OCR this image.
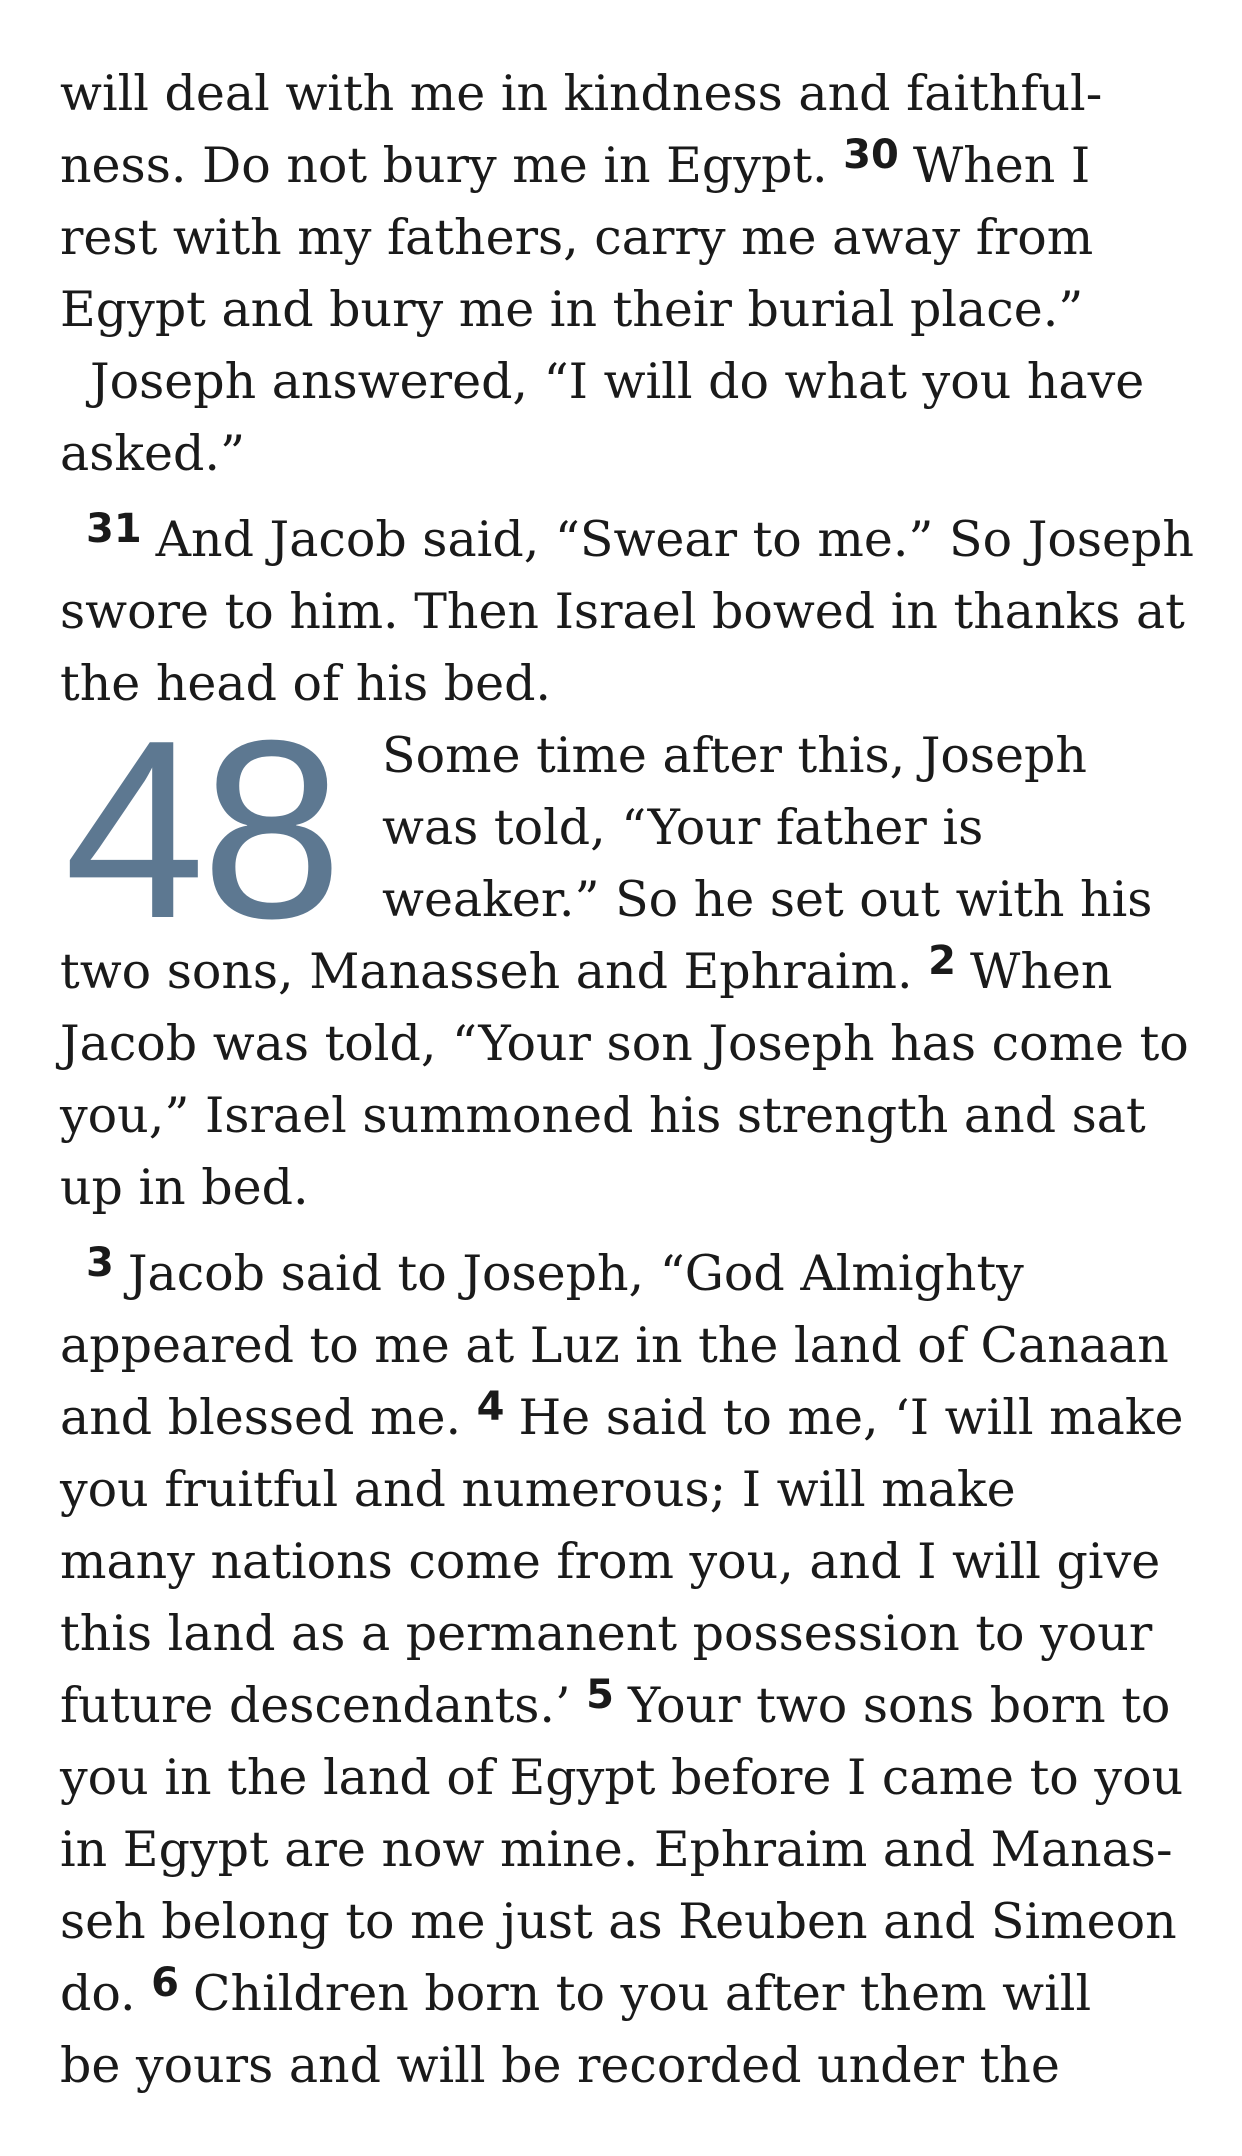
will deal with me in kindness and faithful-
ness. Do not bury me in Egypt. $^{30}$ When I
rest with my fathers, carry me away from
Egypt and bury me in their burial place.”
Joseph answered, “I will do what you have
asked.”
$^{31}$ And Jacob said, “Swear to me.” So Joseph
swore to him. Then Israel bowed in thanks at
the head of his bed.
48 Some time after this, Joseph
was told, “Your father is
weaker.” So he set out with his
two sons, Manasseh and Ephraim. $^2$ When
Jacob was told, “Your son Joseph has come to
you,” Israel summoned his strength and sat
up in bed.
$^3$ Jacob said to Joseph, “God Almighty
appeared to me at Luz in the land of Canaan
and blessed me. $^4$ He said to me, ‘I will make
you fruitful and numerous; I will make
many nations come from you, and I will give
this land as a permanent possession to your
future descendants.’ $^5$ Your two sons born to
you in the land of Egypt before I came to you
in Egypt are now mine. Ephraim and Manas-
seh belong to me just as Reuben and Simeon
do. $^6$ Children born to you after them will
be yours and will be recorded under the
